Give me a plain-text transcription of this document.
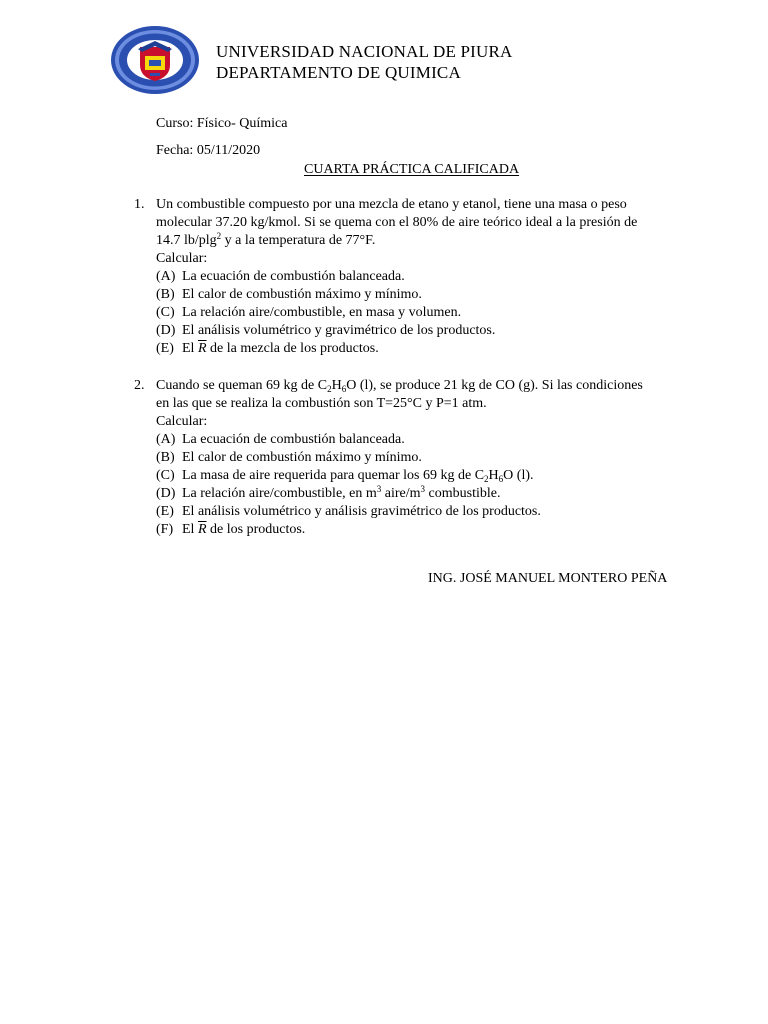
UNIVERSIDAD NACIONAL DE PIURA
DEPARTAMENTO DE QUIMICA
Curso: Físico- Química
Fecha: 05/11/2020
CUARTA PRÁCTICA CALIFICADA
1. Un combustible compuesto por una mezcla de etano y etanol, tiene una masa o peso
molecular 37.20 kg/kmol. Si se quema con el 80% de aire teórico ideal a la presión de
14.7 lb/plg$^2$ y a la temperatura de 77°F.
Calcular:
(A) La ecuación de combustión balanceada.
(B) El calor de combustión máximo y mínimo.
(C) La relación aire/combustible, en masa y volumen.
(D) El análisis volumétrico y gravimétrico de los productos.
(E) El $\overline{R}$ de la mezcla de los productos.
2. Cuando se queman 69 kg de $C_2H_6O$ (l), se produce 21 kg de CO (g). Si las condiciones
en las que se realiza la combustión son T=25°C y P=1 atm.
Calcular:
(A) La ecuación de combustión balanceada.
(B) El calor de combustión máximo y mínimo.
(C) La masa de aire requerida para quemar los 69 kg de $C_2H_6O$ (l).
(D) La relación aire/combustible, en $m^3$ aire/$m^3$ combustible.
(E) El análisis volumétrico y análisis gravimétrico de los productos.
(F) El $\overline{R}$ de los productos.
ING. JOSÉ MANUEL MONTERO PEÑA
